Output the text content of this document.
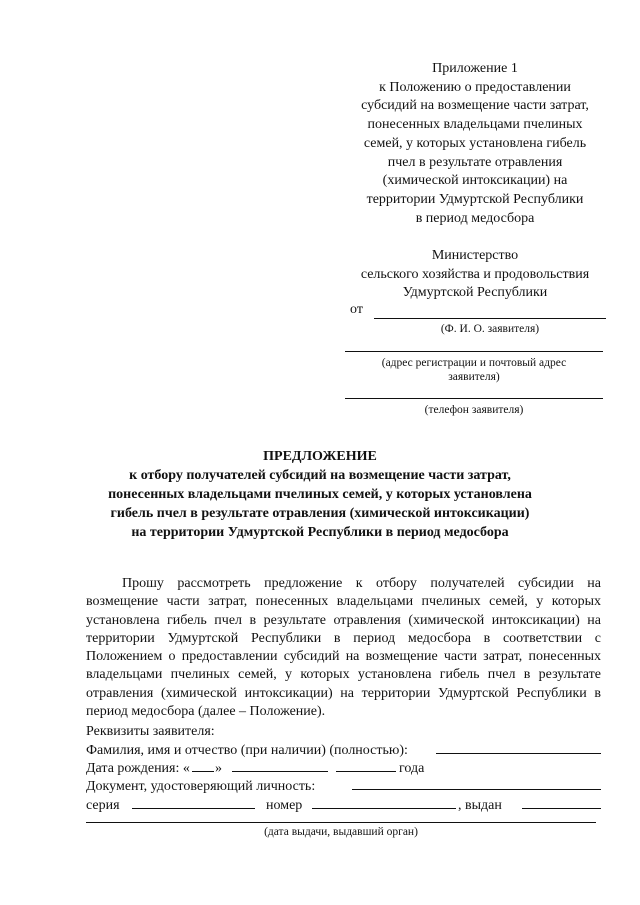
Приложение 1
к Положению о предоставлении
субсидий на возмещение части затрат,
понесенных владельцами пчелиных
семей, у которых установлена гибель
пчел в результате отравления
(химической интоксикации) на
территории Удмуртской Республики
в период медосбора
Министерство
сельского хозяйства и продовольствия
Удмуртской Республики
от
(Ф. И. О. заявителя)
(адрес регистрации и почтовый адрес
заявителя)
(телефон заявителя)
ПРЕДЛОЖЕНИЕ
к отбору получателей субсидий на возмещение части затрат,
понесенных владельцами пчелиных семей, у которых установлена
гибель пчел в результате отравления (химической интоксикации)
на территории Удмуртской Республики в период медосбора
Прошу рассмотреть предложение к отбору получателей субсидии на возмещение части затрат, понесенных владельцами пчелиных семей, у которых установлена гибель пчел в результате отравления (химической интоксикации) на территории Удмуртской Республики в период медосбора в соответствии с Положением о предоставлении субсидий на возмещение части затрат, понесенных владельцами пчелиных семей, у которых установлена гибель пчел в результате отравления (химической интоксикации) на территории Удмуртской Республики в период медосбора (далее – Положение).
Реквизиты заявителя:
Фамилия, имя и отчество (при наличии) (полностью):
Дата рождения: « »	года
Документ, удостоверяющий личность:
серия	номер	, выдан
(дата выдачи, выдавший орган)
